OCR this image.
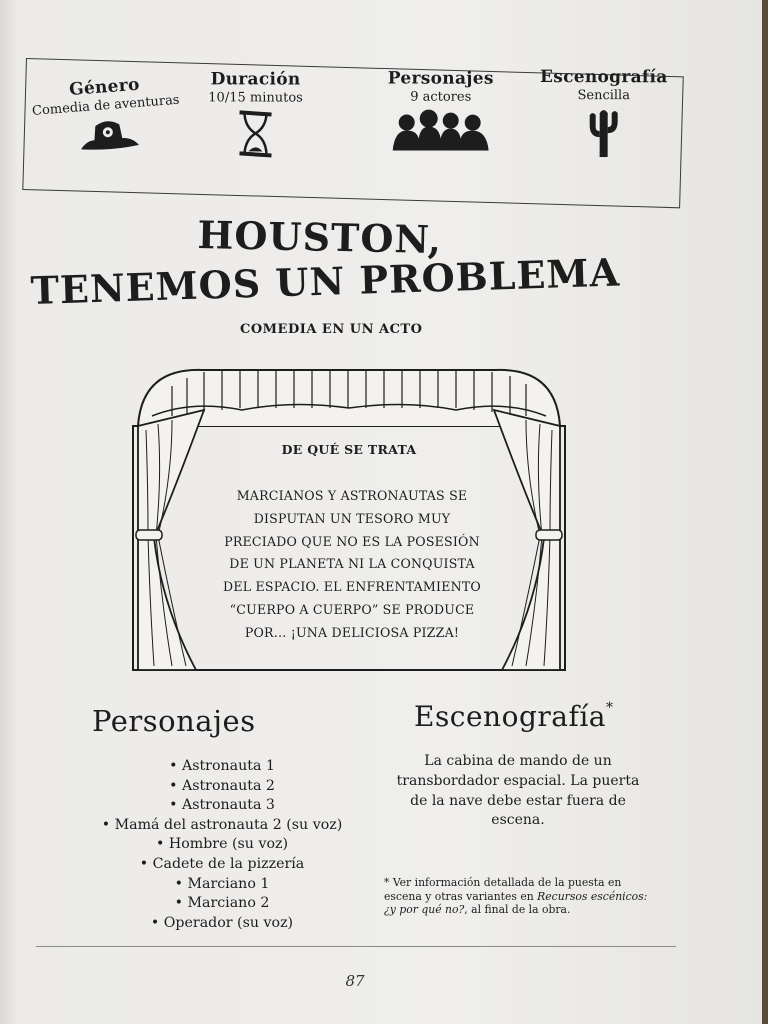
Género
Comedia de aventuras
Duración
10/15 minutos
Personajes
9 actores
Escenografía
Sencilla
HOUSTON,
TENEMOS UN PROBLEMA
COMEDIA EN UN ACTO
DE QUÉ SE TRATA
MARCIANOS Y ASTRONAUTAS SE
DISPUTAN UN TESORO MUY
PRECIADO QUE NO ES LA POSESIÓN
DE UN PLANETA NI LA CONQUISTA
DEL ESPACIO. EL ENFRENTAMIENTO
“CUERPO A CUERPO” SE PRODUCE
POR… ¡UNA DELICIOSA PIZZA!
Personajes
• Astronauta 1
• Astronauta 2
• Astronauta 3
• Mamá del astronauta 2 (su voz)
• Hombre (su voz)
• Cadete de la pizzería
• Marciano 1
• Marciano 2
• Operador (su voz)
Escenografía*
La cabina de mando de un
transbordador espacial. La puerta
de la nave debe estar fuera de
escena.
* Ver información detallada de la puesta en
escena y otras variantes en Recursos escénicos:
¿y por qué no?, al final de la obra.
87
